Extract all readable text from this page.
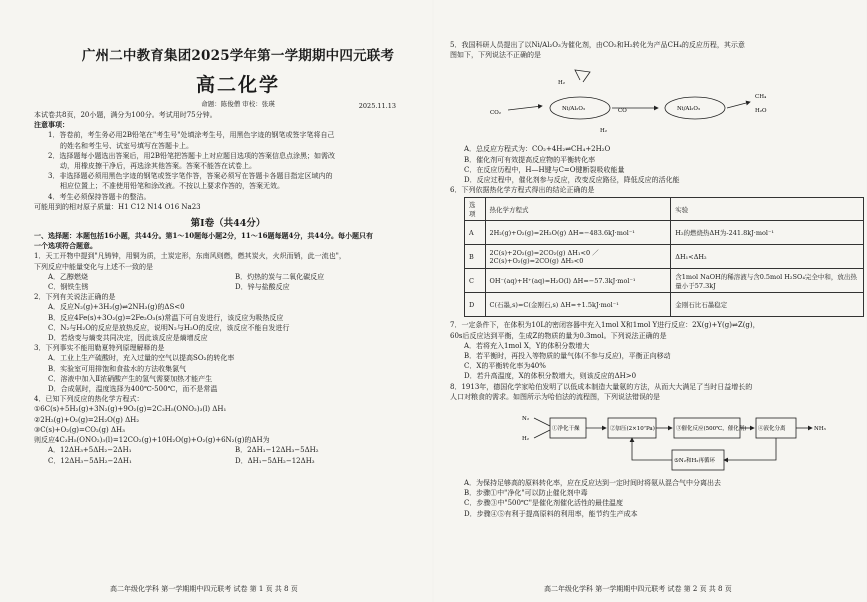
广州二中教育集团2025学年第一学期期中四元联考
高二化学
命题：陈俊僧 审校：张瑛	2025.11.13
本试卷共8页，20小题，满分为100分。考试用时75分钟。
注意事项：
1．答卷前，考生务必用2B铅笔在"考生号"处填涂考生号，用黑色字迹的钢笔或签字笔将自己
的姓名和考生号、试室号填写在答题卡上。
2．选择题每小题选出答案后，用2B铅笔把答题卡上对应题目选项的答案信息点涂黑；如需改
动，用橡皮擦干净后，再选涂其他答案。答案不能答在试卷上。
3．非选择题必须用黑色字迹的钢笔或签字笔作答，答案必须写在答题卡各题目指定区域内的
相应位置上；不准使用铅笔和涂改液。不按以上要求作答的，答案无效。
4．考生必须保持答题卡的整洁。
可能用到的相对原子质量：H1 C12 N14 O16 Na23
第Ⅰ卷（共44分）
一、选择题：本题包括16小题，共44分。第1～10题每小题2分，11～16题每题4分，共44分。每小题只有
一个选项符合题意。
1．天工开物中提到"凡铸钟，用铜为质，土炭定形，东南风则燃，燃其炭火，火炽而销，此一流也"，
下列反应中能量变化与上述不一致的是
A．乙醇燃烧	B．灼热的炭与二氧化碳反应
C．钢铁生锈	D．锌与盐酸反应
2．下列有关说法正确的是
A．反应N₂(g)+3H₂(g)⇌2NH₃(g)的ΔS<0
B．反应4Fe(s)+3O₂(g)=2Fe₂O₃(s)常温下可自发进行，该反应为吸热反应
C．N₂与H₂O的反应是放热反应，说明N₂与H₂O的反应，该反应不能自发进行
D．若焓变与熵变共同决定，因此该反应是熵增反应
3．下列事实不能用勒夏特列原理解释的是
A．工业上生产硫酸时，充入过量的空气以提高SO₂的转化率
B．实验室可用排饱和食盐水的方法收集氯气
C．溶液中加入Ⅱ浓硝酸产生的氢气需要加热才能产生
D．合成氨时，温度选择为400℃-500℃，而不是常温
4．已知下列反应的热化学方程式：
①6C(s)+5H₂(g)+3N₂(g)+9O₂(g)=2C₃H₅(ONO₂)₃(l) ΔH₁
②2H₂(g)+O₂(g)=2H₂O(g) ΔH₂
③C(s)+O₂(g)=CO₂(g) ΔH₃
则反应4C₃H₅(ONO₂)₃(l)=12CO₂(g)+10H₂O(g)+O₂(g)+6N₂(g)的ΔH为
A．12ΔH₃+5ΔH₂−2ΔH₁	B．2ΔH₁−12ΔH₃−5ΔH₂
C．12ΔH₃−5ΔH₂−2ΔH₁	D．ΔH₁−5ΔH₂−12ΔH₃
高二年级化学科 第一学期期中四元联考 试卷 第 1 页 共 8 页
5．我国科研人员提出了以Ni/Al₂O₃为催化剂，由CO₂和H₂转化为产品CH₄的反应历程，其示意
图如下，下列说法不正确的是
CO₂
Ni/Al₂O₃
H₂
H₂
CO	Ni/Al₂O₃
CH₄
H₂O
A．总反应方程式为：CO₂+4H₂⇌CH₄+2H₂O
B．催化剂可有效提高反应物的平衡转化率
C．在反应历程中，H—H键与C=O键断裂吸收能量
D．反应过程中，催化剂参与反应，改变反应路径，降低反应的活化能
6．下列依据热化学方程式得出的结论正确的是
选项	热化学方程式	实验
A	2H₂(g)+O₂(g)=2H₂O(g) ΔH=−483.6kJ·mol⁻¹	H₂的燃烧热ΔH为-241.8kJ·mol⁻¹
B	2C(s)+2O₂(g)=2CO₂(g) ΔH₁<0 ／ 2C(s)+O₂(g)=2CO(g) ΔH₂<0	ΔH₁<ΔH₂
C	OH⁻(aq)+H⁺(aq)=H₂O(l) ΔH=−57.3kJ·mol⁻¹	含1mol NaOH的稀溶液与含0.5mol H₂SO₄完全中和，放出热量小于57.3kJ
D	C(石墨,s)=C(金刚石,s) ΔH=+1.5kJ·mol⁻¹	金刚石比石墨稳定
7．一定条件下，在体积为10L的密闭容器中充入1mol X和1mol Y进行反应：2X(g)+Y(g)⇌Z(g)，
60s后反应达到平衡，生成Z的物质的量为0.3mol。下列说法正确的是
A．若将充入1mol X，Y的体积分数增大
B．若平衡时，再投入等物质的量气体(不参与反应)，平衡正向移动
C．X的平衡转化率为40%
D．若升高温度，X的体积分数增大，则该反应的ΔH>0
8．1913年，德国化学家哈伯发明了以低成本制造大量氨的方法，从而大大满足了当时日益增长的
人口对粮食的需求。如图所示为哈伯法的流程图，下列说法错误的是
N₂
H₂
①净化干燥	②加压(2×10⁷Pa)	③催化反应(500℃，催化剂) ④液化分离	NH₃
⑤N₂和H₂再循环
A．为保持足够高的原料转化率，应在反应达到一定时间时将氨从混合气中分离出去
B．步骤①中"净化"可以防止催化剂中毒
C．步骤③中"500℃"是催化剂催化活性的最佳温度
D．步骤④⑤有利于提高原料的利用率，能节约生产成本
高二年级化学科 第一学期期中四元联考 试卷 第 2 页 共 8 页
